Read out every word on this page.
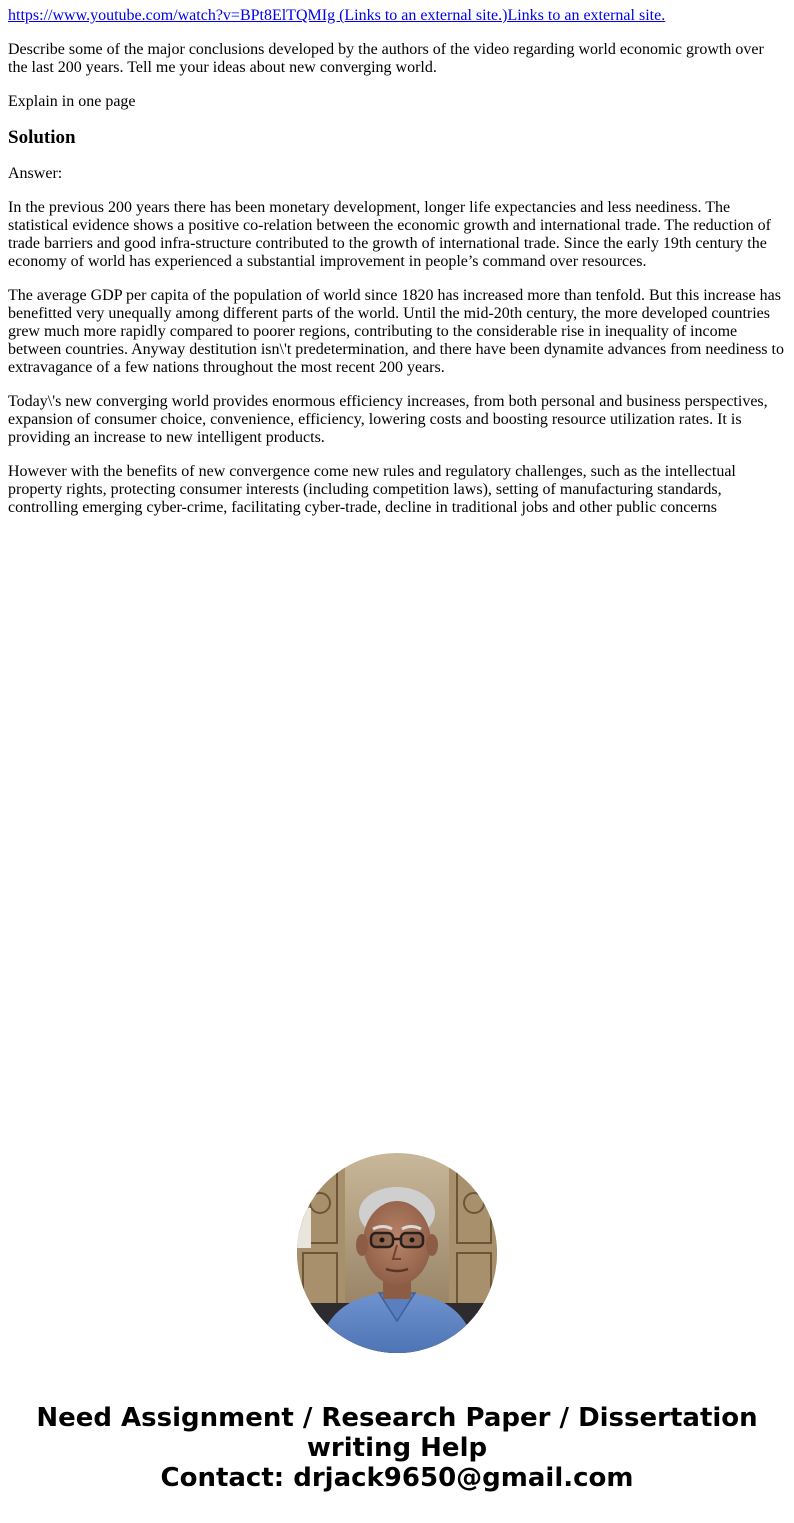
https://www.youtube.com/watch?v=BPt8ElTQMIg (Links to an external site.)Links to an external site.

Describe some of the major conclusions developed by the authors of the video regarding world economic growth over the last 200 years. Tell me your ideas about new converging world.

Explain in one page

Solution

Answer:

In the previous 200 years there has been monetary development, longer life expectancies and less neediness. The statistical evidence shows a positive co-relation between the economic growth and international trade. The reduction of trade barriers and good infra-structure contributed to the growth of international trade. Since the early 19th century the economy of world has experienced a substantial improvement in people’s command over resources.

The average GDP per capita of the population of world since 1820 has increased more than tenfold. But this increase has benefitted very unequally among different parts of the world. Until the mid-20th century, the more developed countries grew much more rapidly compared to poorer regions, contributing to the considerable rise in inequality of income between countries. Anyway destitution isn\'t predetermination, and there have been dynamite advances from neediness to extravagance of a few nations throughout the most recent 200 years.

Today\'s new converging world provides enormous efficiency increases, from both personal and business perspectives, expansion of consumer choice, convenience, efficiency, lowering costs and boosting resource utilization rates. It is providing an increase to new intelligent products.

However with the benefits of new convergence come new rules and regulatory challenges, such as the intellectual property rights, protecting consumer interests (including competition laws), setting of manufacturing standards, controlling emerging cyber-crime, facilitating cyber-trade, decline in traditional jobs and other public concerns

Need Assignment / Research Paper / Dissertation writing Help
Contact: drjack9650@gmail.com
